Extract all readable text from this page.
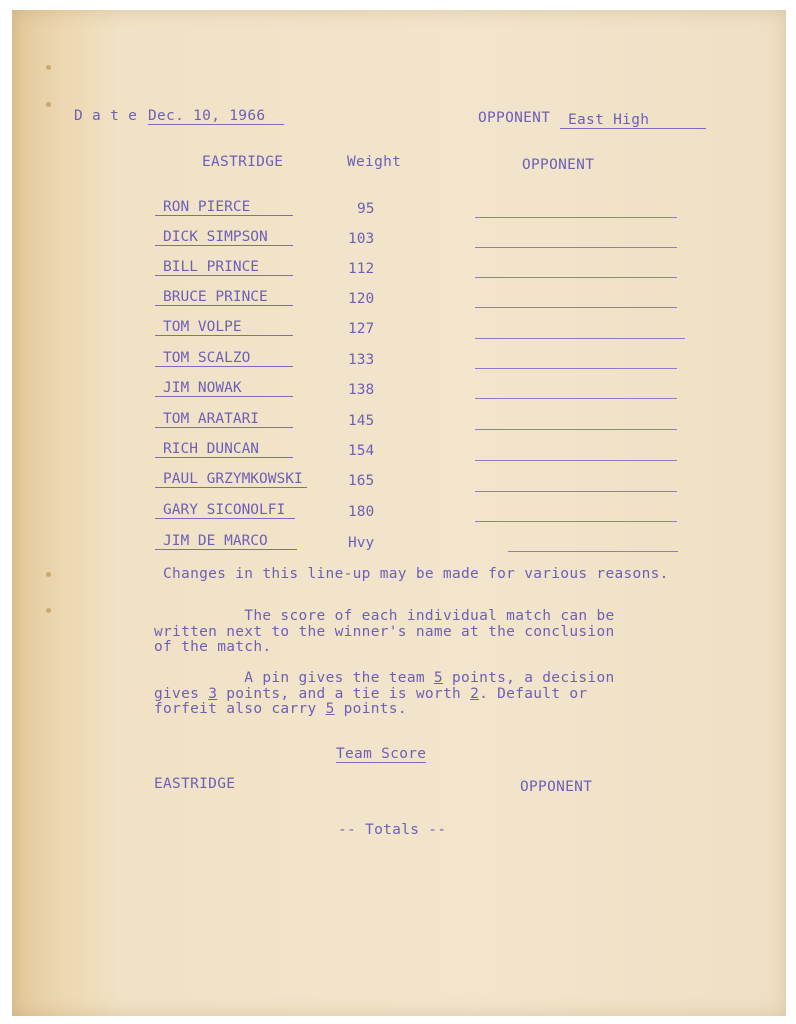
D a t e Dec. 10, 1966	OPPONENT	East High
EASTRIDGE	Weight	OPPONENT
RON PIERCE	95
DICK SIMPSON	103
BILL PRINCE	112
BRUCE PRINCE	120
TOM VOLPE	127
TOM SCALZO	133
JIM NOWAK	138
TOM ARATARI	145
RICH DUNCAN	154
PAUL GRZYMKOWSKI	165
GARY SICONOLFI	180
JIM DE MARCO	Hvy
Changes in this line-up may be made for various reasons.
The score of each individual match can be
written next to the winner's name at the conclusion
of the match.
A pin gives the team 5 points, a decision
gives 3 points, and a tie is worth 2. Default or
forfeit also carry 5 points.
Team Score
EASTRIDGE	OPPONENT
-- Totals --
